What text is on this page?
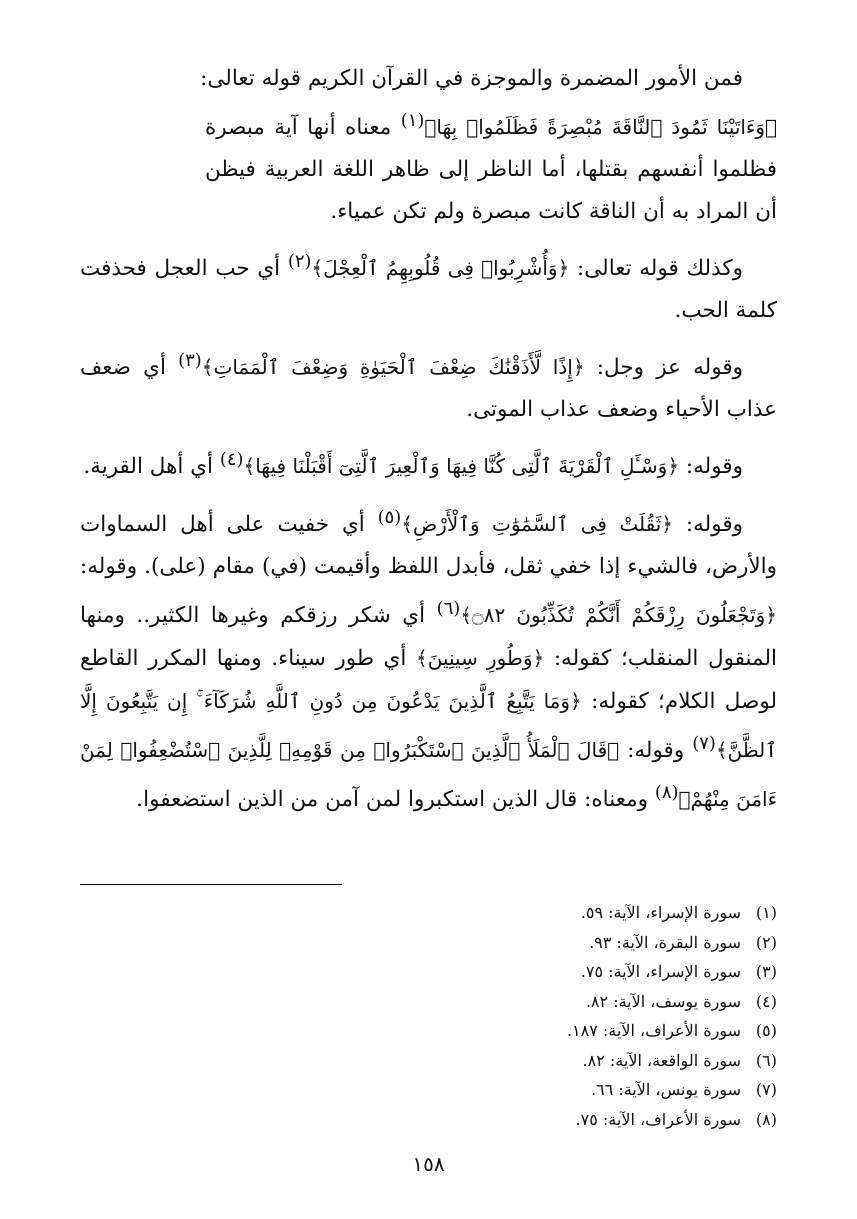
فمن الأمور المضمرة والموجزة في القرآن الكريم قوله تعالى:

﴿وَءَاتَيْنَا ثَمُودَ ٱلنَّاقَةَ مُبْصِرَةً فَظَلَمُوا۟ بِهَا﴾$^{(١)}$ معناه أنها آية مبصرة فظلموا أنفسهم بقتلها، أما الناظر إلى ظاهر اللغة العربية فيظن أن المراد به أن الناقة كانت مبصرة ولم تكن عمياء.

وكذلك قوله تعالى: ﴿وَأُشْرِبُوا۟ فِى قُلُوبِهِمُ ٱلْعِجْلَ﴾$^{(٢)}$ أي حب العجل فحذفت كلمة الحب.

وقوله عز وجل: ﴿إِذًا لَّأَذَقْنَٰكَ ضِعْفَ ٱلْحَيَوٰةِ وَضِعْفَ ٱلْمَمَاتِ﴾$^{(٣)}$ أي ضعف عذاب الأحياء وضعف عذاب الموتى.

وقوله: ﴿وَسْـَٔلِ ٱلْقَرْيَةَ ٱلَّتِى كُنَّا فِيهَا وَٱلْعِيرَ ٱلَّتِىٓ أَقْبَلْنَا فِيهَا﴾$^{(٤)}$ أي أهل القرية.

وقوله: ﴿ثَقُلَتْ فِى ٱلسَّمَٰوَٰتِ وَٱلْأَرْضِ﴾$^{(٥)}$ أي خفيت على أهل السماوات والأرض، فالشيء إذا خفي ثقل، فأبدل اللفظ وأقيمت (في) مقام (على). وقوله: ﴿وَتَجْعَلُونَ رِزْقَكُمْ أَنَّكُمْ تُكَذِّبُونَ ۝٨٢﴾$^{(٦)}$ أي شكر رزقكم وغيرها الكثير.. ومنها المنقول المنقلب؛ كقوله: ﴿وَطُورِ سِينِينَ﴾ أي طور سيناء. ومنها المكرر القاطع لوصل الكلام؛ كقوله: ﴿وَمَا يَتَّبِعُ ٱلَّذِينَ يَدْعُونَ مِن دُونِ ٱللَّهِ شُرَكَآءَ ۚ إِن يَتَّبِعُونَ إِلَّا ٱلظَّنَّ﴾$^{(٧)}$ وقوله: ﴿قَالَ ٱلْمَلَأُ ٱلَّذِينَ ٱسْتَكْبَرُوا۟ مِن قَوْمِهِۦ لِلَّذِينَ ٱسْتُضْعِفُوا۟ لِمَنْ ءَامَنَ مِنْهُمْ﴾$^{(٨)}$ ومعناه: قال الذين استكبروا لمن آمن من الذين استضعفوا.

(١)سورة الإسراء، الآية: ٥٩.
(٢)سورة البقرة، الآية: ٩٣.
(٣)سورة الإسراء، الآية: ٧٥.
(٤)سورة يوسف، الآية: ٨٢.
(٥)سورة الأعراف، الآية: ١٨٧.
(٦)سورة الواقعة، الآية: ٨٢.
(٧)سورة يونس، الآية: ٦٦.
(٨)سورة الأعراف، الآية: ٧٥.
١٥٨
